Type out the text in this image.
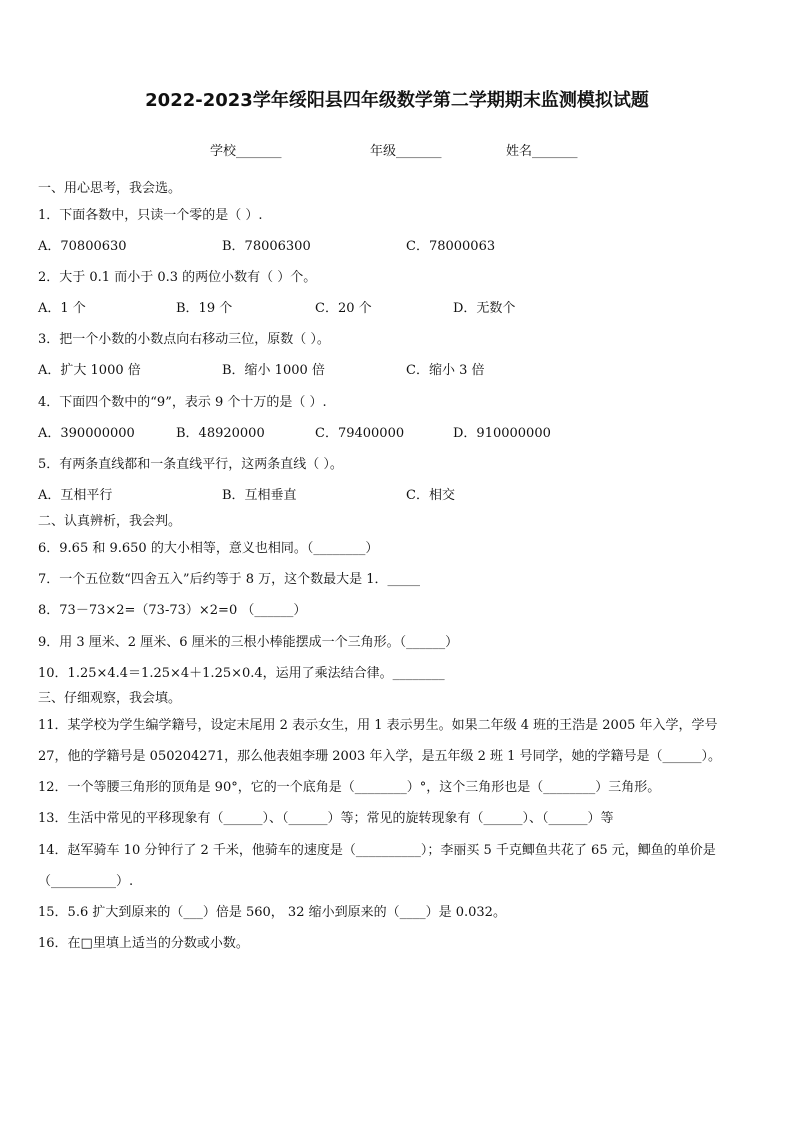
2022-2023学年绥阳县四年级数学第二学期期末监测模拟试题
学校_______	年级_______	姓名_______
一、用心思考，我会选。
1．下面各数中，只读一个零的是（ ）.
A．70800630	B．78006300	C．78000063
2．大于 0.1 而小于 0.3 的两位小数有（ ）个。
A．1 个	B．19 个	C．20 个	D．无数个
3．把一个小数的小数点向右移动三位，原数（ ）。
A．扩大 1000 倍	B．缩小 1000 倍	C．缩小 3 倍
4．下面四个数中的“9”，表示 9 个十万的是（ ）.
A．390000000	B．48920000	C．79400000	D．910000000
5．有两条直线都和一条直线平行，这两条直线（ ）。
A．互相平行	B．互相垂直	C．相交
二、认真辨析，我会判。
6．9.65 和 9.650 的大小相等，意义也相同。（________）
7．一个五位数“四舍五入”后约等于 8 万，这个数最大是 1．_____
8．73－73×2=（73-73）×2=0 （______）
9．用 3 厘米、2 厘米、6 厘米的三根小棒能摆成一个三角形。（______）
10．1.25×4.4＝1.25×4＋1.25×0.4，运用了乘法结合律。________
三、仔细观察，我会填。
11．某学校为学生编学籍号，设定末尾用 2 表示女生，用 1 表示男生。如果二年级 4 班的王浩是 2005 年入学，学号
27，他的学籍号是 050204271，那么他表姐李珊 2003 年入学，是五年级 2 班 1 号同学，她的学籍号是（______）。
12．一个等腰三角形的顶角是 90°，它的一个底角是（________）°，这个三角形也是（________）三角形。
13．生活中常见的平移现象有（______）、（______）等；常见的旋转现象有（______）、（______）等
14．赵军骑车 10 分钟行了 2 千米，他骑车的速度是（__________）；李丽买 5 千克鲫鱼共花了 65 元，鲫鱼的单价是
（__________）.
15．5.6 扩大到原来的（___）倍是 560， 32 缩小到原来的（____）是 0.032。
16．在□里填上适当的分数或小数。
